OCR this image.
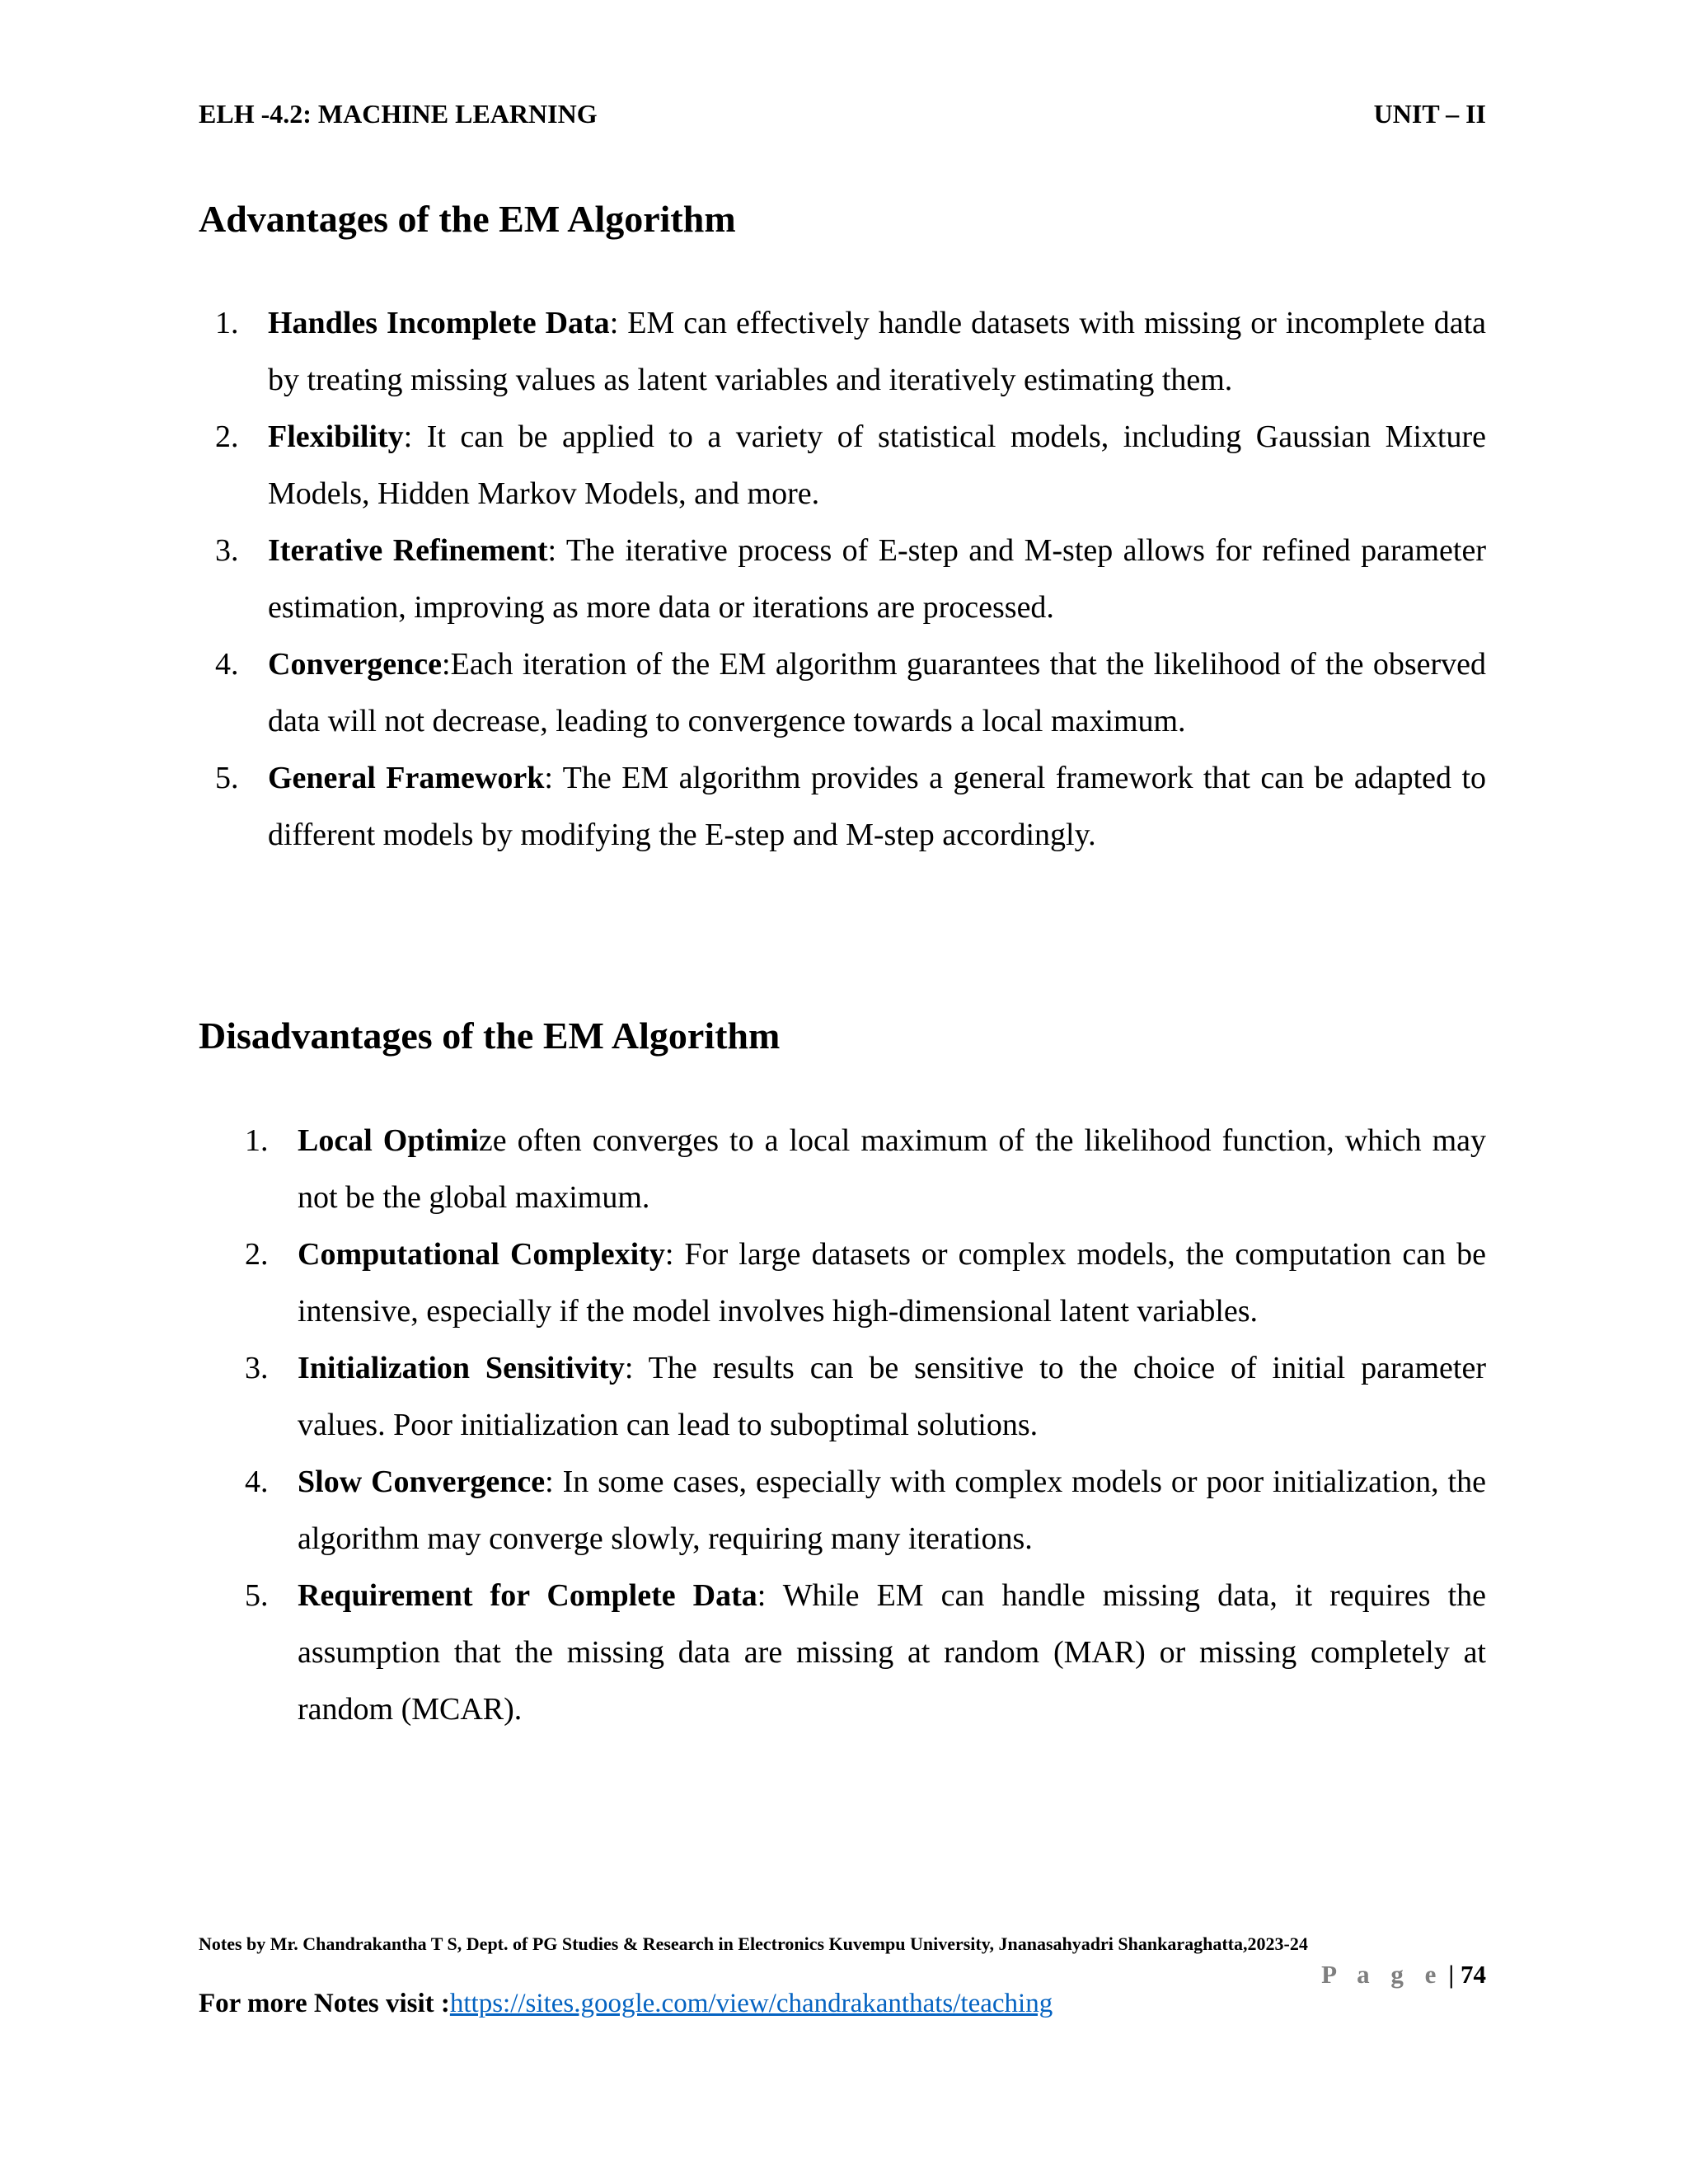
ELH -4.2: MACHINE LEARNING	UNIT – II
Advantages of the EM Algorithm
1. Handles Incomplete Data: EM can effectively handle datasets with missing or incomplete data by treating missing values as latent variables and iteratively estimating them.
2. Flexibility: It can be applied to a variety of statistical models, including Gaussian Mixture Models, Hidden Markov Models, and more.
3. Iterative Refinement: The iterative process of E-step and M-step allows for refined parameter estimation, improving as more data or iterations are processed.
4. Convergence:Each iteration of the EM algorithm guarantees that the likelihood of the observed data will not decrease, leading to convergence towards a local maximum.
5. General Framework: The EM algorithm provides a general framework that can be adapted to different models by modifying the E-step and M-step accordingly.
Disadvantages of the EM Algorithm
1. Local Optimize often converges to a local maximum of the likelihood function, which may not be the global maximum.
2. Computational Complexity: For large datasets or complex models, the computation can be intensive, especially if the model involves high-dimensional latent variables.
3. Initialization Sensitivity: The results can be sensitive to the choice of initial parameter values. Poor initialization can lead to suboptimal solutions.
4. Slow Convergence: In some cases, especially with complex models or poor initialization, the algorithm may converge slowly, requiring many iterations.
5. Requirement for Complete Data: While EM can handle missing data, it requires the assumption that the missing data are missing at random (MAR) or missing completely at random (MCAR).
Notes by Mr. Chandrakantha T S, Dept. of PG Studies & Research in Electronics Kuvempu University, Jnanasahyadri Shankaraghatta,2023-24
P a g e | 74
For more Notes visit :https://sites.google.com/view/chandrakanthats/teaching
